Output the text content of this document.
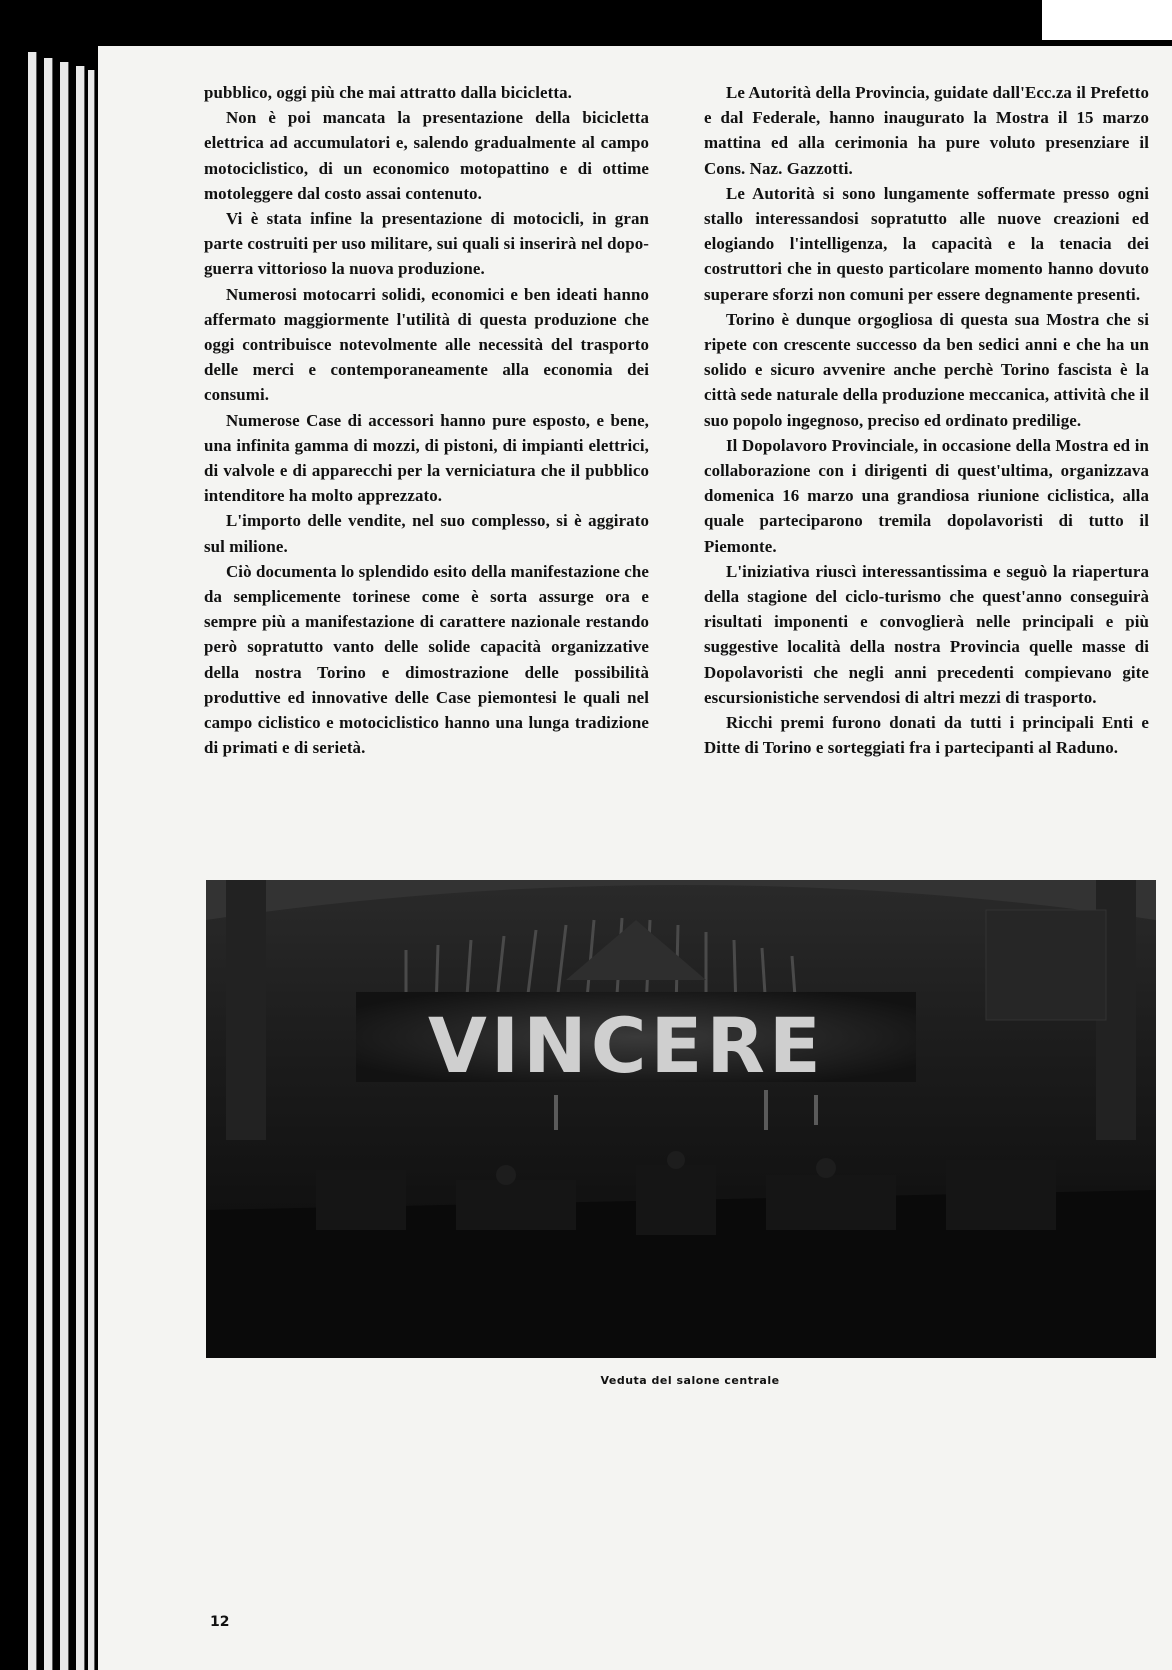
pubblico, oggi più che mai attratto dalla bicicletta.

Non è poi mancata la presentazione della bicicletta elettrica ad accumulatori e, salendo gradualmente al campo motociclistico, di un economico motopattino e di ottime motoleggere dal costo assai contenuto.

Vi è stata infine la presentazione di motocicli, in gran parte costruiti per uso militare, sui quali si inserirà nel dopo-guerra vittorioso la nuova produzione.

Numerosi motocarri solidi, economici e ben ideati hanno affermato maggiormente l'utilità di questa produzione che oggi contribuisce notevolmente alle necessità del trasporto delle merci e contemporaneamente alla economia dei consumi.

Numerose Case di accessori hanno pure esposto, e bene, una infinita gamma di mozzi, di pistoni, di impianti elettrici, di valvole e di apparecchi per la verniciatura che il pubblico intenditore ha molto apprezzato.

L'importo delle vendite, nel suo complesso, si è aggirato sul milione.

Ciò documenta lo splendido esito della manifestazione che da semplicemente torinese come è sorta assurge ora e sempre più a manifestazione di carattere nazionale restando però sopratutto vanto delle solide capacità organizzative della nostra Torino e dimostrazione delle possibilità produttive ed innovative delle Case piemontesi le quali nel campo ciclistico e motociclistico hanno una lunga tradizione di primati e di serietà.

Le Autorità della Provincia, guidate dall'Ecc.za il Prefetto e dal Federale, hanno inaugurato la Mostra il 15 marzo mattina ed alla cerimonia ha pure voluto presenziare il Cons. Naz. Gazzotti.

Le Autorità si sono lungamente soffermate presso ogni stallo interessandosi sopratutto alle nuove creazioni ed elogiando l'intelligenza, la capacità e la tenacia dei costruttori che in questo particolare momento hanno dovuto superare sforzi non comuni per essere degnamente presenti.

Torino è dunque orgogliosa di questa sua Mostra che si ripete con crescente successo da ben sedici anni e che ha un solido e sicuro avvenire anche perchè Torino fascista è la città sede naturale della produzione meccanica, attività che il suo popolo ingegnoso, preciso ed ordinato predilige.

Il Dopolavoro Provinciale, in occasione della Mostra ed in collaborazione con i dirigenti di quest'ultima, organizzava domenica 16 marzo una grandiosa riunione ciclistica, alla quale parteciparono tremila dopolavoristi di tutto il Piemonte.

L'iniziativa riuscì interessantissima e seguò la riapertura della stagione del ciclo-turismo che quest'anno conseguirà risultati imponenti e convoglierà nelle principali e più suggestive località della nostra Provincia quelle masse di Dopolavoristi che negli anni precedenti compievano gite escursionistiche servendosi di altri mezzi di trasporto.

Ricchi premi furono donati da tutti i principali Enti e Ditte di Torino e sorteggiati fra i partecipanti al Raduno.

VINCERE
Veduta del salone centrale
12
